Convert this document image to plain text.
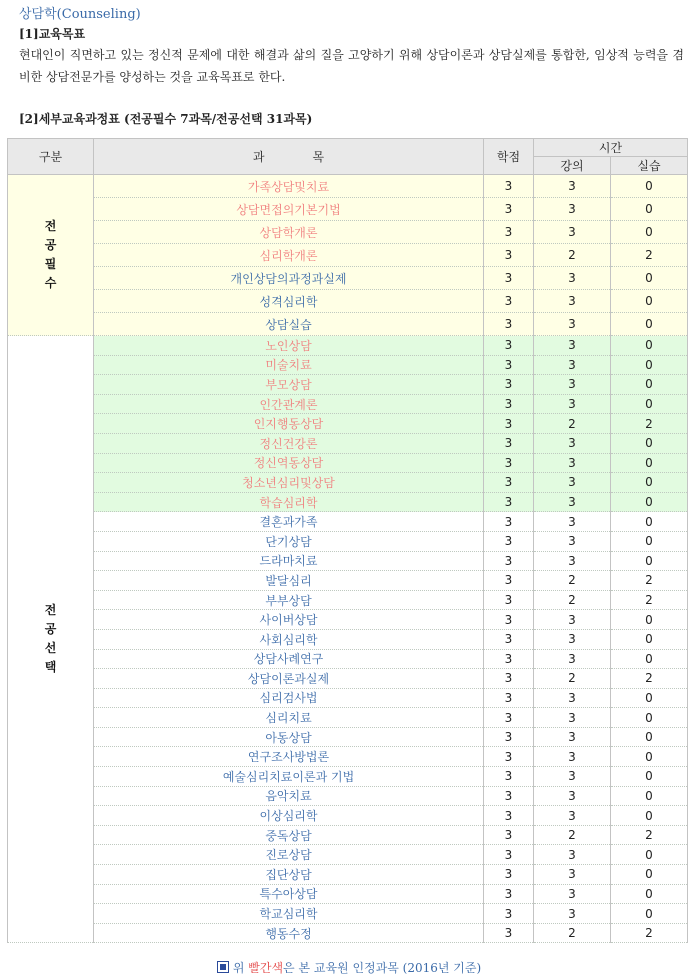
상담학(Counseling)
[1]교육목표
현대인이 직면하고 있는 정신적 문제에 대한 해결과 삶의 질을 고양하기 위해 상담이론과 상담실제를 통합한, 임상적 능력을 겸비한 상담전문가를 양성하는 것을 교육목표로 한다.
[2]세부교육과정표 (전공필수 7과목/전공선택 31과목)
구분	과　　　　목	학점	시간	
			강의	실습
전공필수	가족상담및치료	3	3	0
	상담면접의기본기법	3	3	0
	상담학개론	3	3	0
	심리학개론	3	2	2
	개인상담의과정과실제	3	3	0
	성격심리학	3	3	0
	상담실습	3	3	0
전공선택	노인상담	3	3	0
	미술치료	3	3	0
	부모상담	3	3	0
	인간관계론	3	3	0
	인지행동상담	3	2	2
	정신건강론	3	3	0
	정신역동상담	3	3	0
	청소년심리및상담	3	3	0
	학습심리학	3	3	0
	결혼과가족	3	3	0
	단기상담	3	3	0
	드라마치료	3	3	0
	발달심리	3	2	2
	부부상담	3	2	2
	사이버상담	3	3	0
	사회심리학	3	3	0
	상담사례연구	3	3	0
	상담이론과실제	3	2	2
	심리검사법	3	3	0
	심리치료	3	3	0
	아동상담	3	3	0
	연구조사방법론	3	3	0
	예술심리치료이론과 기법	3	3	0
	음악치료	3	3	0
	이상심리학	3	3	0
	중독상담	3	2	2
	진로상담	3	3	0
	집단상담	3	3	0
	특수아상담	3	3	0
	학교심리학	3	3	0
	행동수정	3	2	2
위 빨간색은 본 교육원 인정과목 (2016년 기준)
